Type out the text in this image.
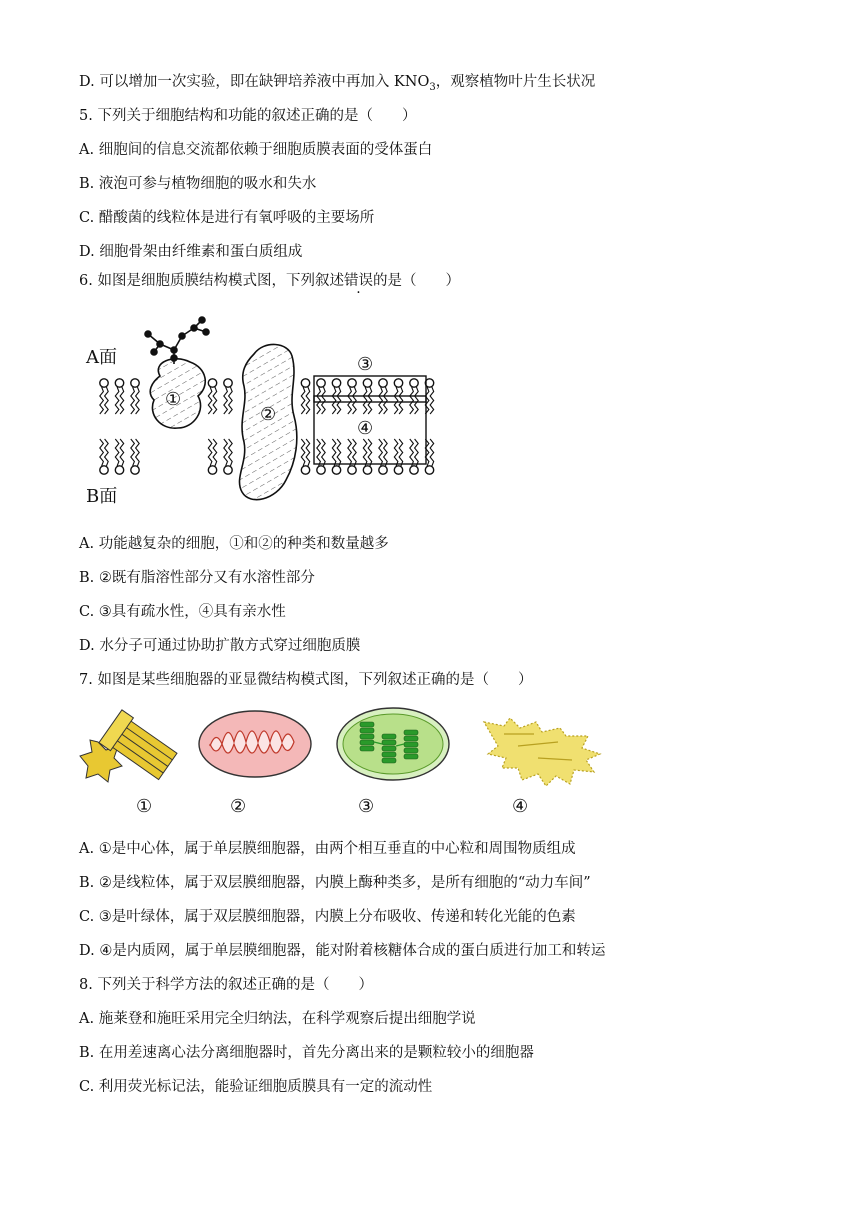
D. 可以增加一次实验，即在缺钾培养液中再加入 $KNO_3$，观察植物叶片生长状况
5. 下列关于细胞结构和功能的叙述正确的是（　　）
A. 细胞间的信息交流都依赖于细胞质膜表面的受体蛋白
B. 液泡可参与植物细胞的吸水和失水
C. 醋酸菌的线粒体是进行有氧呼吸的主要场所
D. 细胞骨架由纤维素和蛋白质组成
6. 如图是细胞质膜结构模式图，下列叙述错误的是（　　）
A面
B面
①
②
③
④
A. 功能越复杂的细胞，①和②的种类和数量越多
B. ②既有脂溶性部分又有水溶性部分
C. ③具有疏水性，④具有亲水性
D. 水分子可通过协助扩散方式穿过细胞质膜
7. 如图是某些细胞器的亚显微结构模式图，下列叙述正确的是（　　）
①	②	③	④
A. ①是中心体，属于单层膜细胞器，由两个相互垂直的中心粒和周围物质组成
B. ②是线粒体，属于双层膜细胞器，内膜上酶种类多，是所有细胞的“动力车间”
C. ③是叶绿体，属于双层膜细胞器，内膜上分布吸收、传递和转化光能的色素
D. ④是内质网，属于单层膜细胞器，能对附着核糖体合成的蛋白质进行加工和转运
8. 下列关于科学方法的叙述正确的是（　　）
A. 施莱登和施旺采用完全归纳法，在科学观察后提出细胞学说
B. 在用差速离心法分离细胞器时，首先分离出来的是颗粒较小的细胞器
C. 利用荧光标记法，能验证细胞质膜具有一定的流动性
